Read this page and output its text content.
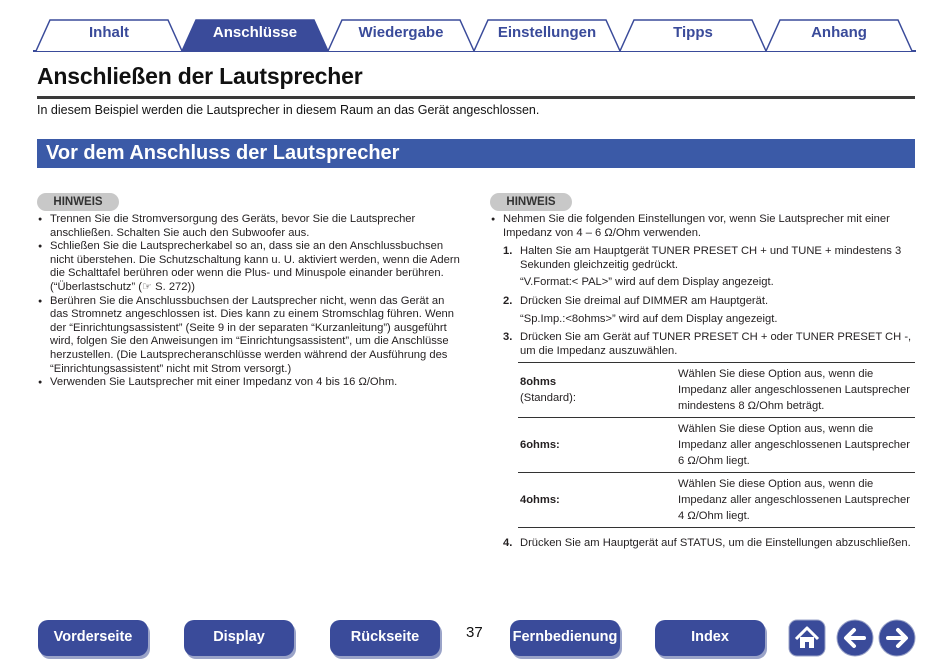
Inhalt	Anschlüsse	Wiedergabe	Einstellungen	Tipps	Anhang
Anschließen der Lautsprecher

In diesem Beispiel werden die Lautsprecher in diesem Raum an das Gerät angeschlossen.

Vor dem Anschluss der Lautsprecher
HINWEIS
● Trennen Sie die Stromversorgung des Geräts, bevor Sie die Lautsprecher anschließen. Schalten Sie auch den Subwoofer aus.
● Schließen Sie die Lautsprecherkabel so an, dass sie an den Anschlussbuchsen nicht überstehen. Die Schutzschaltung kann u. U. aktiviert werden, wenn die Adern die Schalttafel berühren oder wenn die Plus- und Minuspole einander berühren. (“Überlastschutz” (☞ S. 272))
● Berühren Sie die Anschlussbuchsen der Lautsprecher nicht, wenn das Gerät an das Stromnetz angeschlossen ist. Dies kann zu einem Stromschlag führen. Wenn der “Einrichtungsassistent” (Seite 9 in der separaten “Kurzanleitung”) ausgeführt wird, folgen Sie den Anweisungen im “Einrichtungsassistent”, um die Anschlüsse herzustellen. (Die Lautsprecheranschlüsse werden während der Ausführung des “Einrichtungsassistent” nicht mit Strom versorgt.)
● Verwenden Sie Lautsprecher mit einer Impedanz von 4 bis 16 Ω/Ohm.
HINWEIS
● Nehmen Sie die folgenden Einstellungen vor, wenn Sie Lautsprecher mit einer Impedanz von 4 – 6 Ω/Ohm verwenden.
1. Halten Sie am Hauptgerät TUNER PRESET CH + und TUNE + mindestens 3 Sekunden gleichzeitig gedrückt.
“V.Format:< PAL>” wird auf dem Display angezeigt.
2. Drücken Sie dreimal auf DIMMER am Hauptgerät.
“Sp.Imp.:<8ohms>” wird auf dem Display angezeigt.
3. Drücken Sie am Gerät auf TUNER PRESET CH + oder TUNER PRESET CH -, um die Impedanz auszuwählen.
8ohms
(Standard):	Wählen Sie diese Option aus, wenn die Impedanz aller angeschlossenen Lautsprecher mindestens 8 Ω/Ohm beträgt.
6ohms:	Wählen Sie diese Option aus, wenn die Impedanz aller angeschlossenen Lautsprecher 6 Ω/Ohm liegt.
4ohms:	Wählen Sie diese Option aus, wenn die Impedanz aller angeschlossenen Lautsprecher 4 Ω/Ohm liegt.
4. Drücken Sie am Hauptgerät auf STATUS, um die Einstellungen abzuschließen.
Vorderseite	Display	Rückseite	37 Fernbedienung	Index
